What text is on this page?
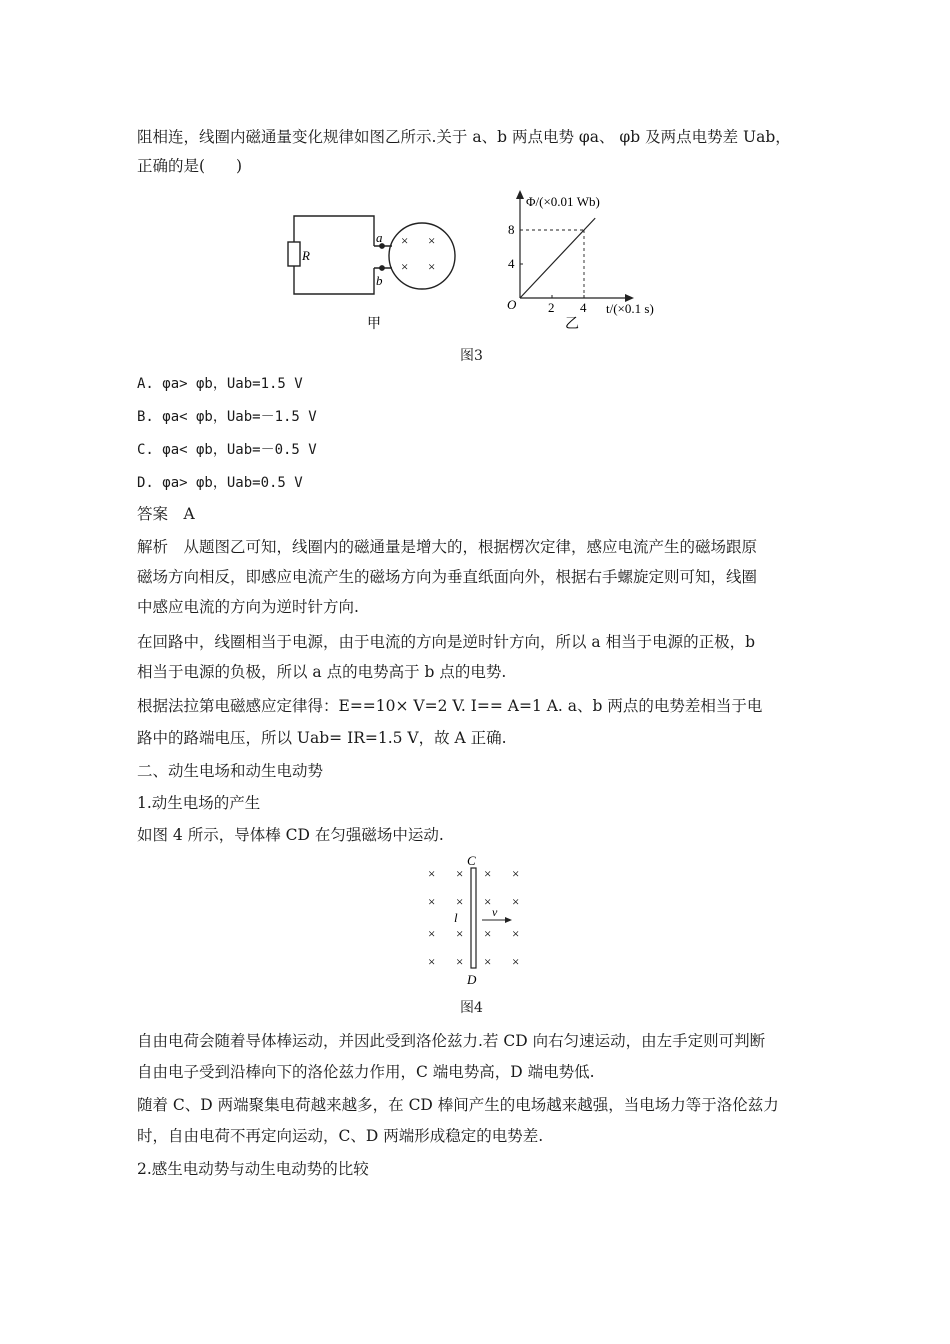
阻相连，线圈内磁通量变化规律如图乙所示.关于 a、b 两点电势 φa、 φb 及两点电势差 Uab，
正确的是(　　)
R
a
b
× ×
× ×
甲
2 4
4
8
Φ/(×0.01 Wb)
t/(×0.1 s)
O
乙
图3
A. φa> φb，Uab=1.5 V
B. φa< φb，Uab=－1.5 V
C. φa< φb，Uab=－0.5 V
D. φa> φb，Uab=0.5 V
答案　A
解析　从题图乙可知，线圈内的磁通量是增大的，根据楞次定律，感应电流产生的磁场跟原
磁场方向相反，即感应电流产生的磁场方向为垂直纸面向外，根据右手螺旋定则可知，线圈
中感应电流的方向为逆时针方向.
在回路中，线圈相当于电源，由于电流的方向是逆时针方向，所以 a 相当于电源的正极，b
相当于电源的负极，所以 a 点的电势高于 b 点的电势.
根据法拉第电磁感应定律得：E==10× V=2 V. I== A=1 A. a、b 两点的电势差相当于电
路中的路端电压，所以 Uab= IR=1.5 V，故 A 正确.
二、动生电场和动生电动势
1.动生电场的产生
如图 4 所示，导体棒 CD 在匀强磁场中运动.
× × × ×
× × × ×
× × × ×
× × × ×
C
D
l	v
图4
自由电荷会随着导体棒运动，并因此受到洛伦兹力.若 CD 向右匀速运动，由左手定则可判断
自由电子受到沿棒向下的洛伦兹力作用，C 端电势高，D 端电势低.
随着 C、D 两端聚集电荷越来越多，在 CD 棒间产生的电场越来越强，当电场力等于洛伦兹力
时，自由电荷不再定向运动，C、D 两端形成稳定的电势差.
2.感生电动势与动生电动势的比较
